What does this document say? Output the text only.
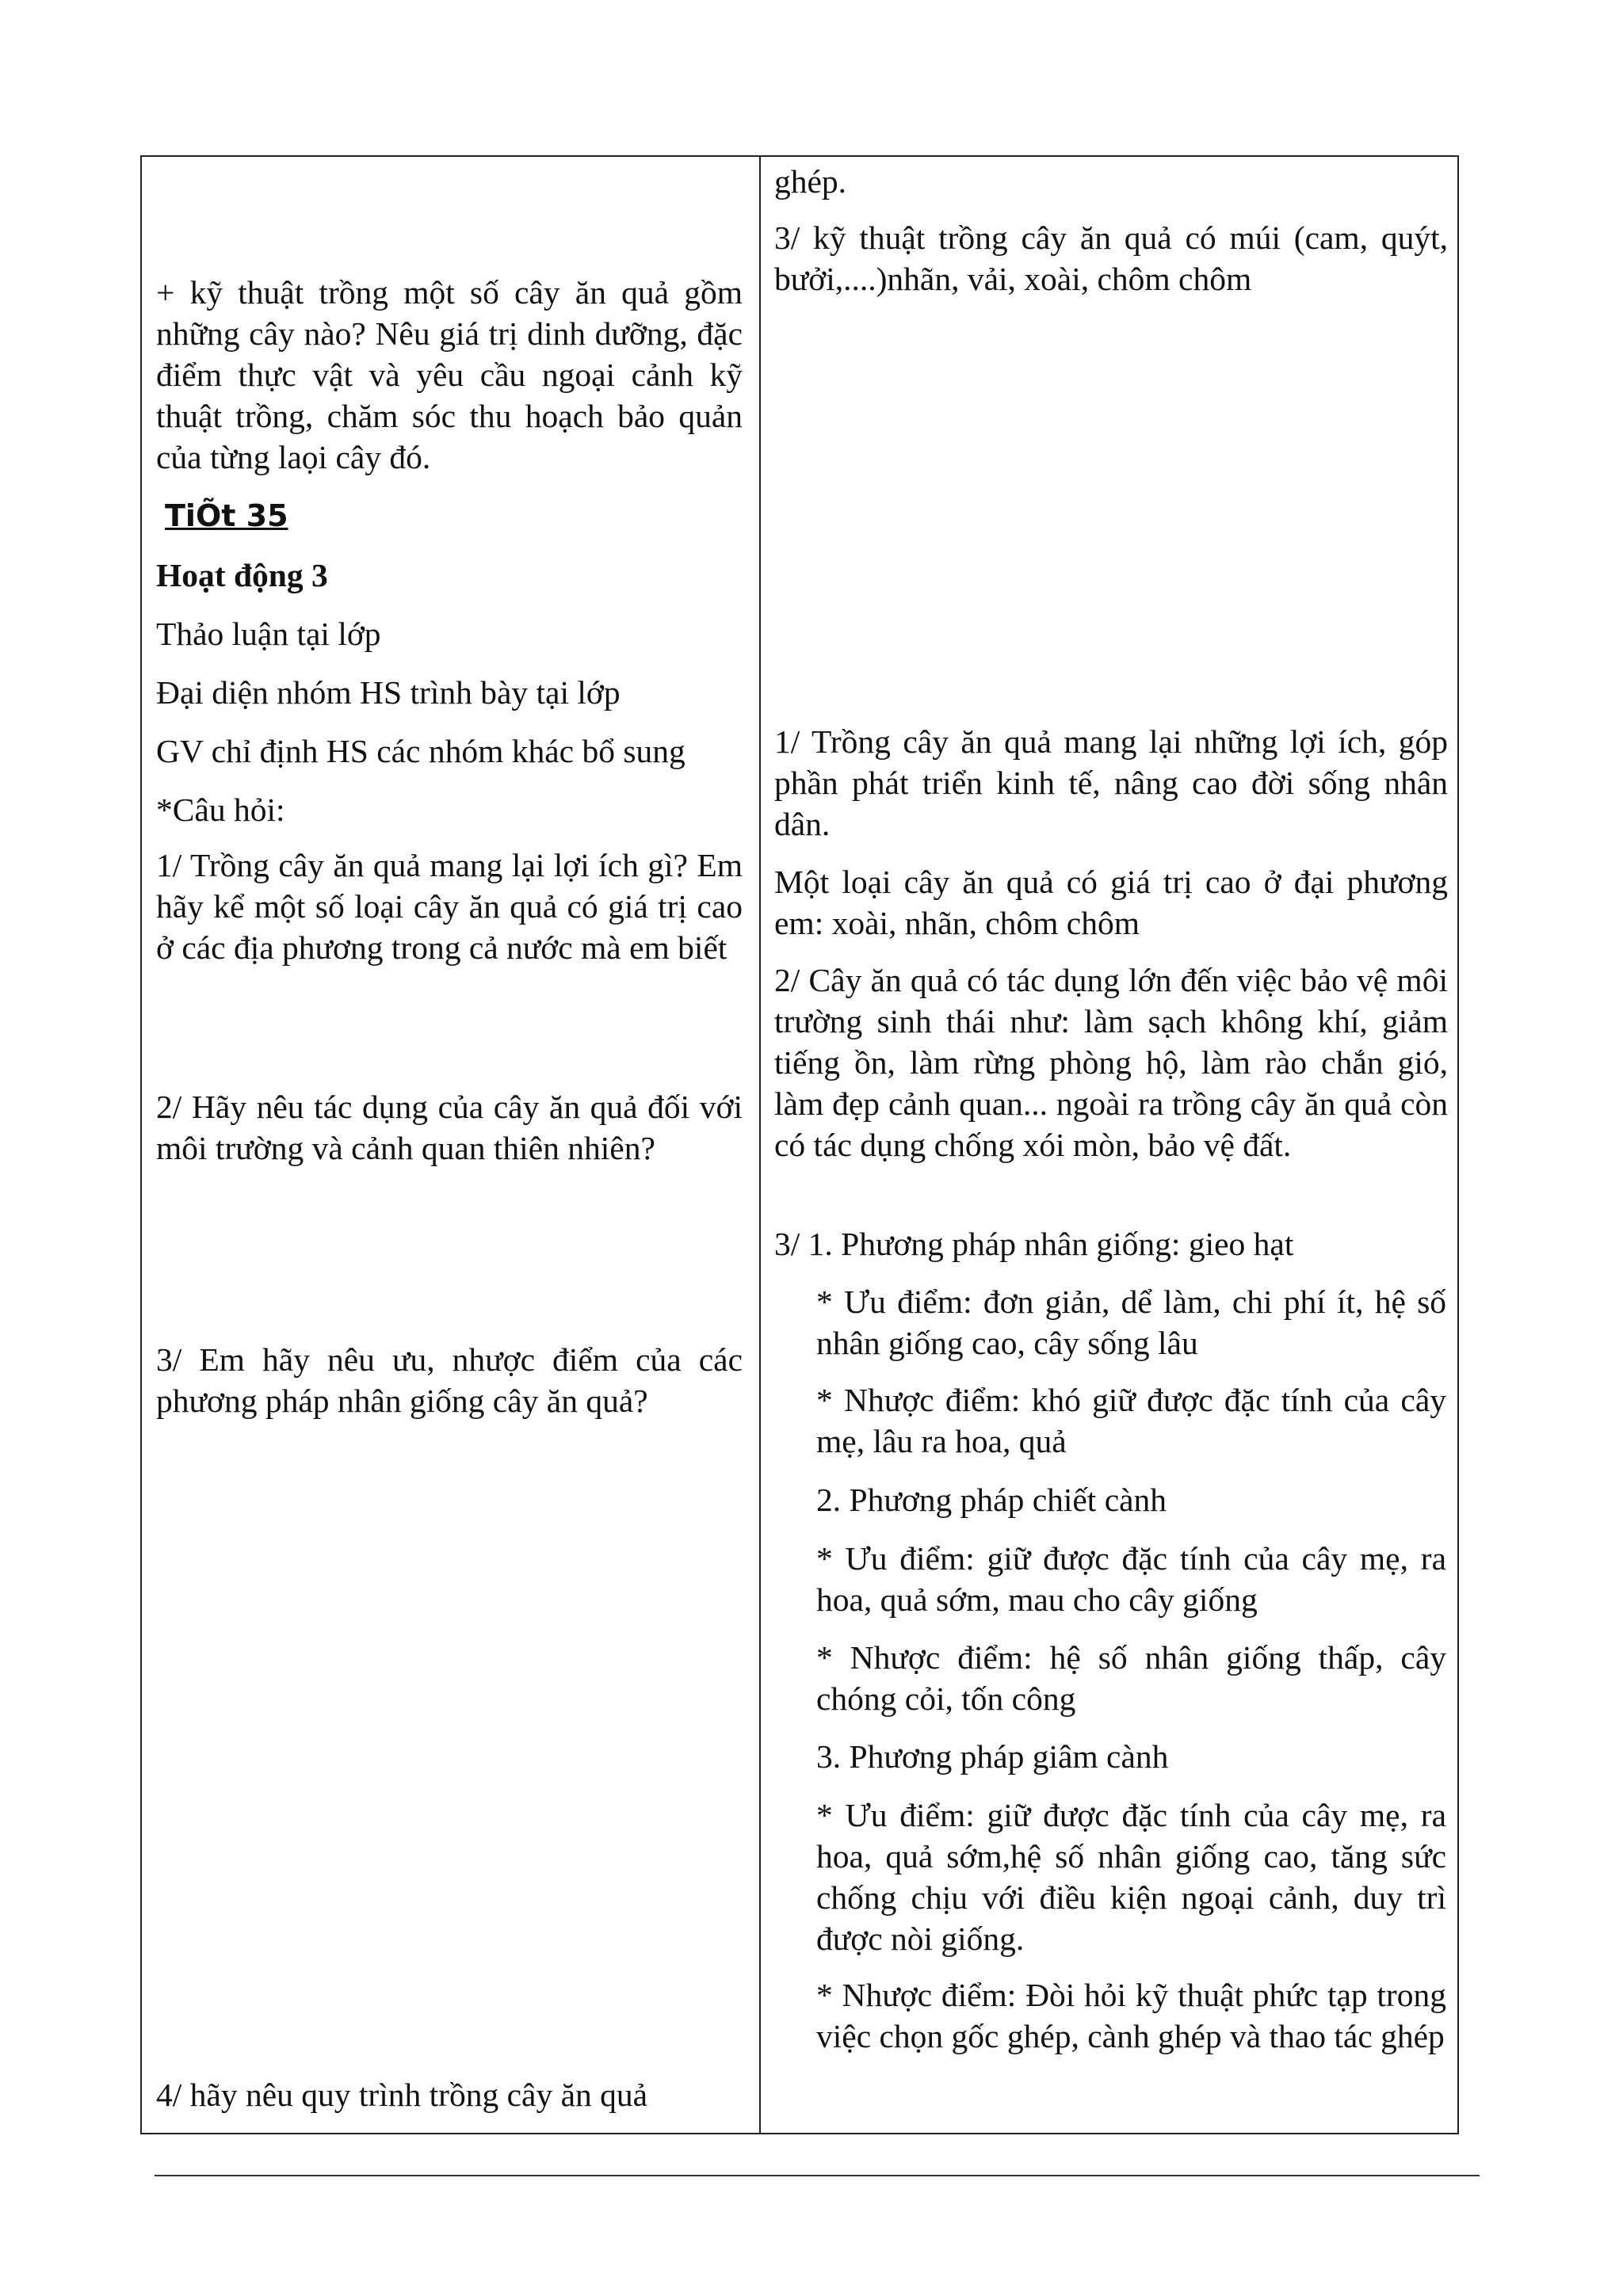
+ kỹ thuật trồng một số cây ăn quả gồm những cây nào? Nêu giá trị dinh dưỡng, đặc điểm thực vật và yêu cầu ngoại cảnh kỹ thuật trồng, chăm sóc thu hoạch bảo quản của từng laọi cây đó.

TiÕt 35

Hoạt động 3

Thảo luận tại lớp

Đại diện nhóm HS trình bày tại lớp

GV chỉ định HS các nhóm khác bổ sung

*Câu hỏi:

1/ Trồng cây ăn quả mang lại lợi ích gì? Em hãy kể một số loại cây ăn quả có giá trị cao ở các địa phương trong cả nước mà em biết

2/ Hãy nêu tác dụng của cây ăn quả đối với môi trường và cảnh quan thiên nhiên?

3/ Em hãy nêu ưu, nhược điểm của các phương pháp nhân giống cây ăn quả?

4/ hãy nêu quy trình trồng cây ăn quả

ghép.

3/ kỹ thuật trồng cây ăn quả có múi (cam, quýt, bưởi,....)nhãn, vải, xoài, chôm chôm

1/ Trồng cây ăn quả mang lại những lợi ích, góp phần phát triển kinh tế, nâng cao đời sống nhân dân.

Một loại cây ăn quả có giá trị cao ở đại phương em: xoài, nhãn, chôm chôm

2/ Cây ăn quả có tác dụng lớn đến việc bảo vệ môi trường sinh thái như: làm sạch không khí, giảm tiếng ồn, làm rừng phòng hộ, làm rào chắn gió, làm đẹp cảnh quan... ngoài ra trồng cây ăn quả còn có tác dụng chống xói mòn, bảo vệ đất.

3/ 1. Phương pháp nhân giống: gieo hạt

* Ưu điểm: đơn giản, dể làm, chi phí ít, hệ số nhân giống cao, cây sống lâu

* Nhược điểm: khó giữ được đặc tính của cây mẹ, lâu ra hoa, quả

2. Phương pháp chiết cành

* Ưu điểm: giữ được đặc tính của cây mẹ, ra hoa, quả sớm, mau cho cây giống

* Nhược điểm: hệ số nhân giống thấp, cây chóng cỏi, tốn công

3. Phương pháp giâm cành

* Ưu điểm: giữ được đặc tính của cây mẹ, ra hoa, quả sớm,hệ số nhân giống cao, tăng sức chống chịu với điều kiện ngoại cảnh, duy trì được nòi giống.

* Nhược điểm: Đòi hỏi kỹ thuật phức tạp trong việc chọn gốc ghép, cành ghép và thao tác ghép
